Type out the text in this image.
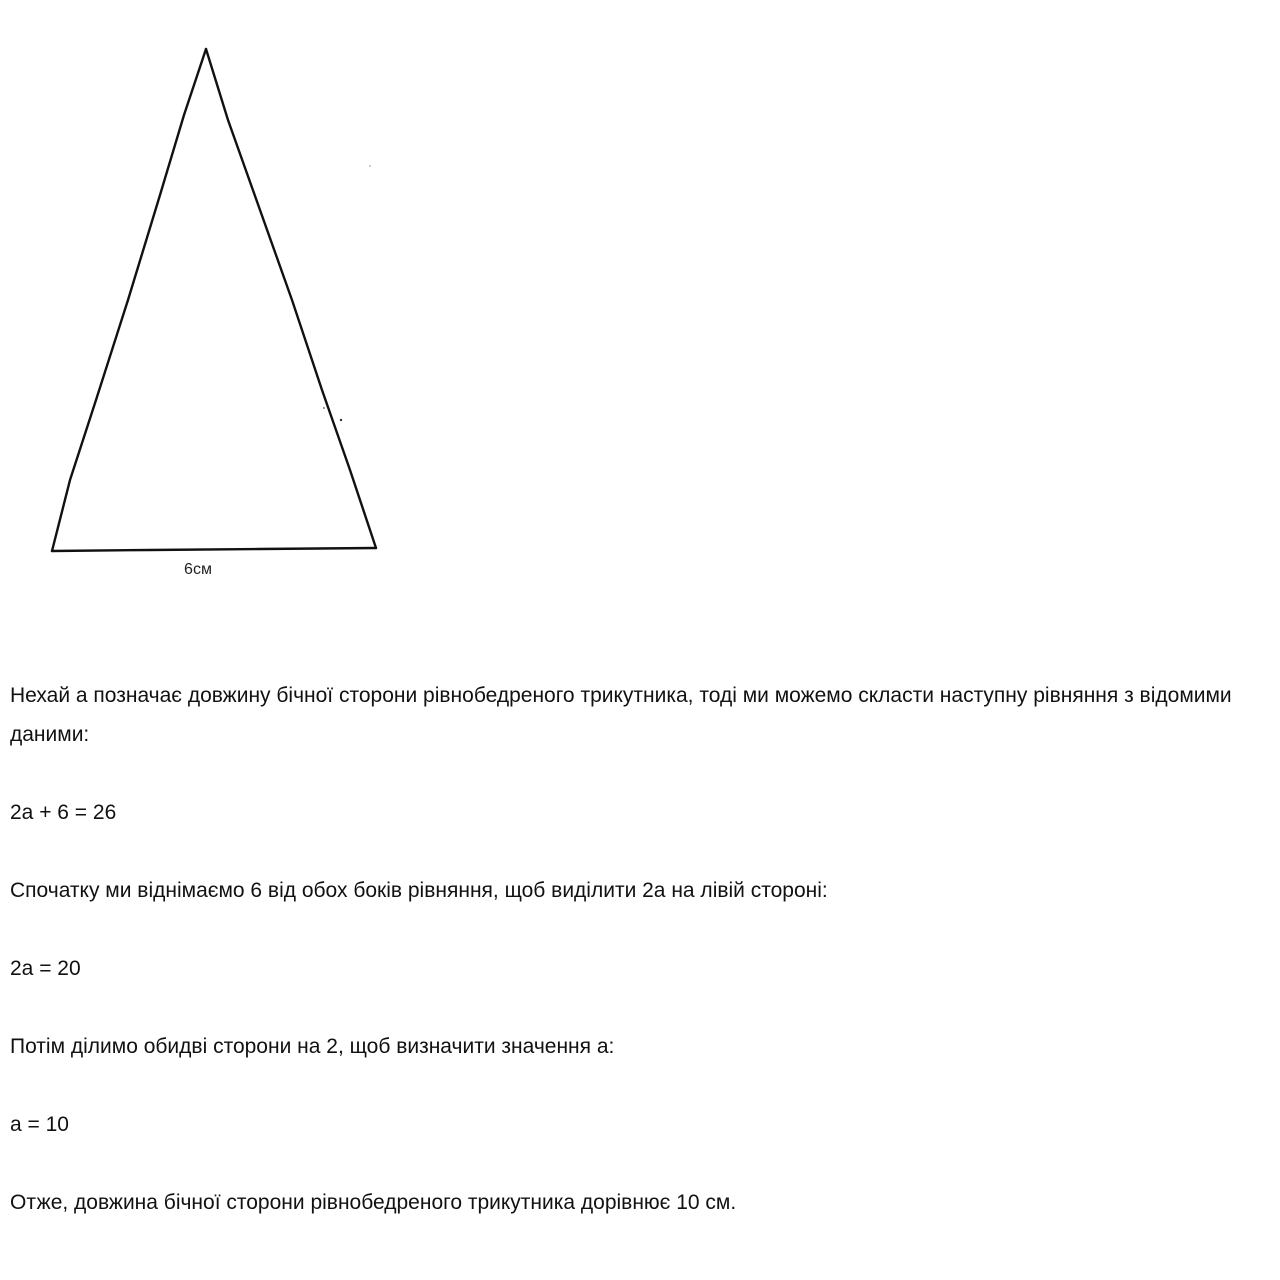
6см

Нехай a позначає довжину бічної сторони рівнобедреного трикутника, тоді ми можемо скласти наступну рівняння з відомими даними:

2a + 6 = 26

Спочатку ми віднімаємо 6 від обох боків рівняння, щоб виділити 2a на лівій стороні:

2a = 20

Потім ділимо обидві сторони на 2, щоб визначити значення a:

a = 10

Отже, довжина бічної сторони рівнобедреного трикутника дорівнює 10 см.
